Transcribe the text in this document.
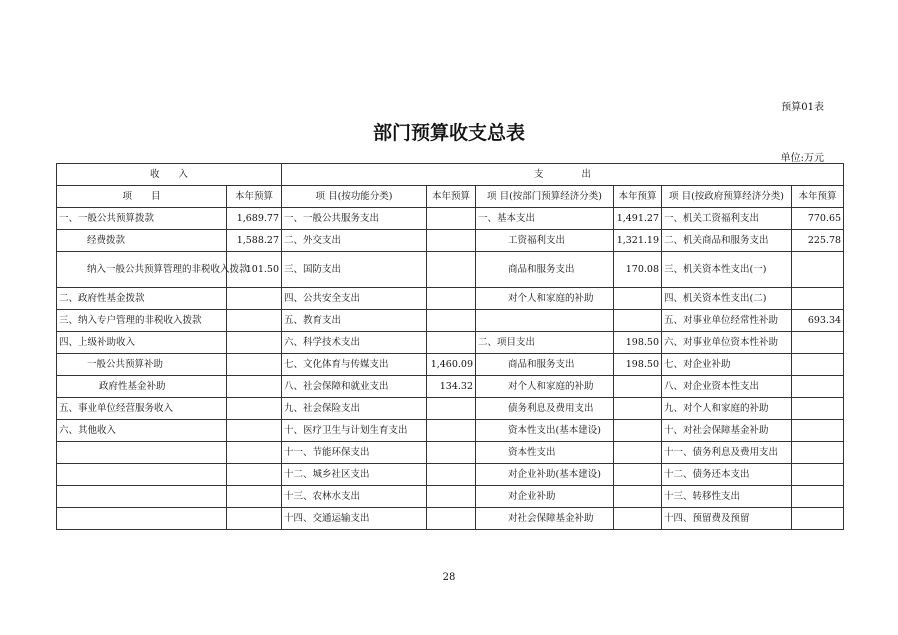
预算01表
部门预算收支总表
单位:万元
收　　入		支　　　　出					
项　　目	本年预算	项 目(按功能分类)	本年预算	项 目(按部门预算经济分类)	本年预算	项 目(按政府预算经济分类)	本年预算
一、一般公共预算拨款	1,689.77	一、一般公共服务支出		一、基本支出	1,491.27	一、机关工资福利支出	770.65
经费拨款	1,588.27	二、外交支出		工资福利支出	1,321.19	二、机关商品和服务支出	225.78
纳入一般公共预算管理的非税收入拨款	101.50	三、国防支出		商品和服务支出	170.08	三、机关资本性支出(一)	
二、政府性基金拨款		四、公共安全支出		对个人和家庭的补助		四、机关资本性支出(二)	
三、纳入专户管理的非税收入拨款		五、教育支出				五、对事业单位经常性补助	693.34
四、上级补助收入		六、科学技术支出		二、项目支出	198.50	六、对事业单位资本性补助	
一般公共预算补助		七、文化体育与传媒支出	1,460.09	商品和服务支出	198.50	七、对企业补助	
政府性基金补助		八、社会保障和就业支出	134.32	对个人和家庭的补助		八、对企业资本性支出	
五、事业单位经营服务收入		九、社会保险支出		债务利息及费用支出		九、对个人和家庭的补助	
六、其他收入		十、医疗卫生与计划生育支出		资本性支出(基本建设)		十、对社会保障基金补助	
		十一、节能环保支出		资本性支出		十一、债务利息及费用支出	
		十二、城乡社区支出		对企业补助(基本建设)		十二、债务还本支出	
		十三、农林水支出		对企业补助		十三、转移性支出	
		十四、交通运输支出		对社会保障基金补助		十四、预留费及预留	
28
